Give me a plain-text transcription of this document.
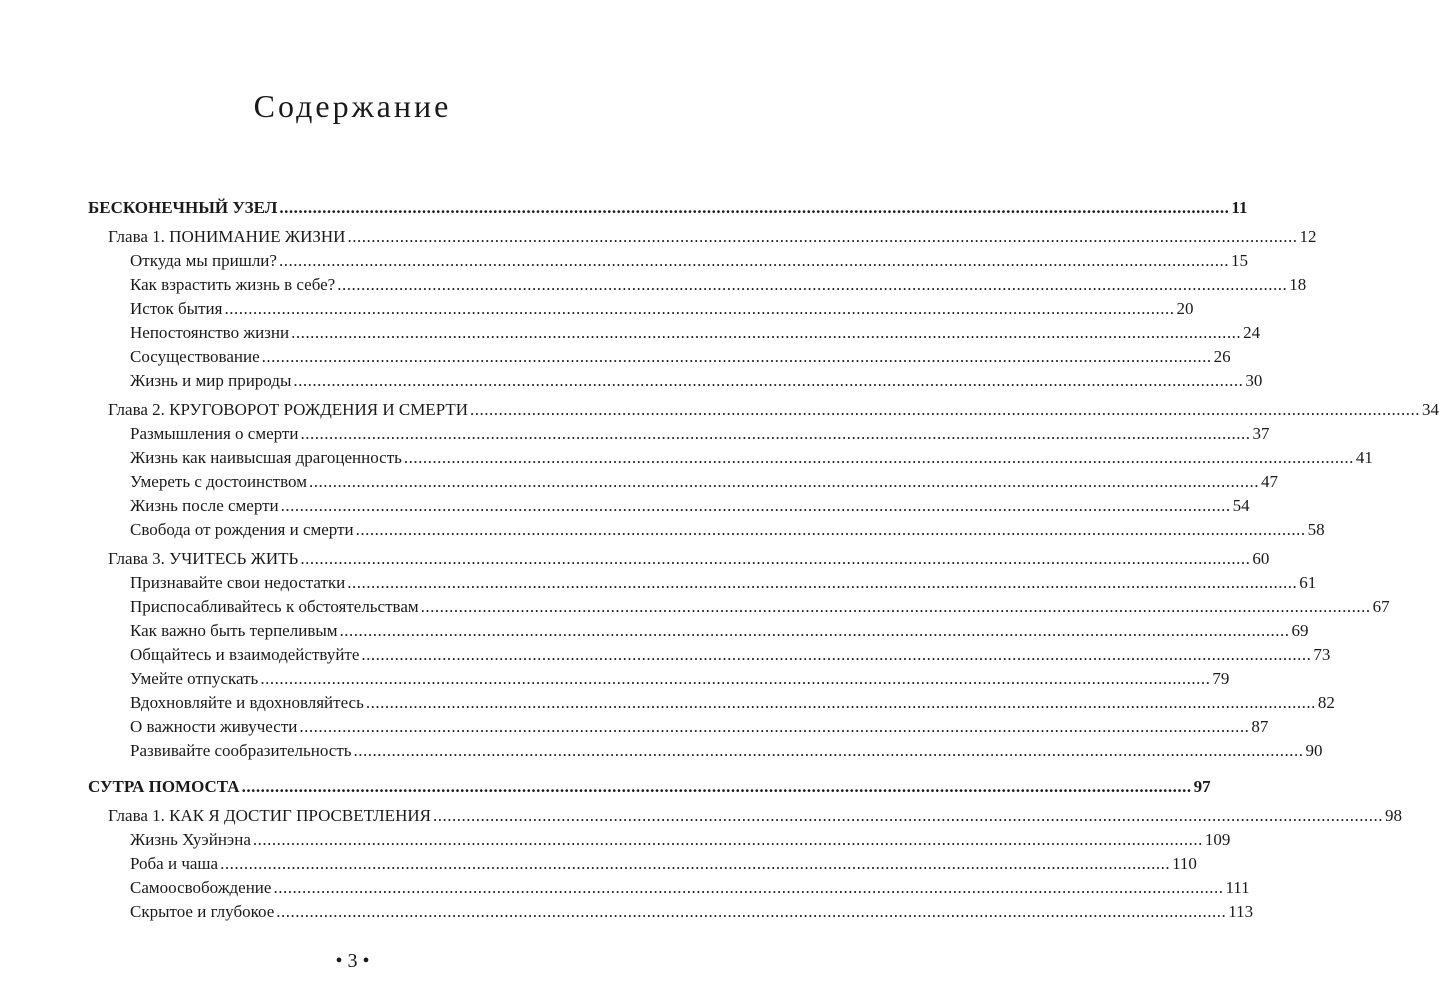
Содержание
БЕСКОНЕЧНЫЙ УЗЕЛ ........................................................................................................................................................................................................ 11
Глава 1. ПОНИМАНИЕ ЖИЗНИ ........................................................................................................................................................................................................ 12
Откуда мы пришли? ........................................................................................................................................................................................................ 15
Как взрастить жизнь в себе? ........................................................................................................................................................................................................ 18
Исток бытия ........................................................................................................................................................................................................ 20
Непостоянство жизни ........................................................................................................................................................................................................ 24
Сосуществование ........................................................................................................................................................................................................ 26
Жизнь и мир природы ........................................................................................................................................................................................................ 30
Глава 2. КРУГОВОРОТ РОЖДЕНИЯ И СМЕРТИ ........................................................................................................................................................................................................ 34
Размышления о смерти ........................................................................................................................................................................................................ 37
Жизнь как наивысшая драгоценность ........................................................................................................................................................................................................ 41
Умереть с достоинством ........................................................................................................................................................................................................ 47
Жизнь после смерти ........................................................................................................................................................................................................ 54
Свобода от рождения и смерти ........................................................................................................................................................................................................ 58
Глава 3. УЧИТЕСЬ ЖИТЬ ........................................................................................................................................................................................................ 60
Признавайте свои недостатки ........................................................................................................................................................................................................ 61
Приспосабливайтесь к обстоятельствам ........................................................................................................................................................................................................ 67
Как важно быть терпеливым ........................................................................................................................................................................................................ 69
Общайтесь и взаимодействуйте ........................................................................................................................................................................................................ 73
Умейте отпускать ........................................................................................................................................................................................................ 79
Вдохновляйте и вдохновляйтесь ........................................................................................................................................................................................................ 82
О важности живучести ........................................................................................................................................................................................................ 87
Развивайте сообразительность ........................................................................................................................................................................................................ 90
СУТРА ПОМОСТА ........................................................................................................................................................................................................ 97
Глава 1. КАК Я ДОСТИГ ПРОСВЕТЛЕНИЯ ........................................................................................................................................................................................................ 98
Жизнь Хуэйнэна ........................................................................................................................................................................................................ 109
Роба и чаша ........................................................................................................................................................................................................ 110
Самоосвобождение ........................................................................................................................................................................................................ 111
Скрытое и глубокое ........................................................................................................................................................................................................ 113
• 3 •
